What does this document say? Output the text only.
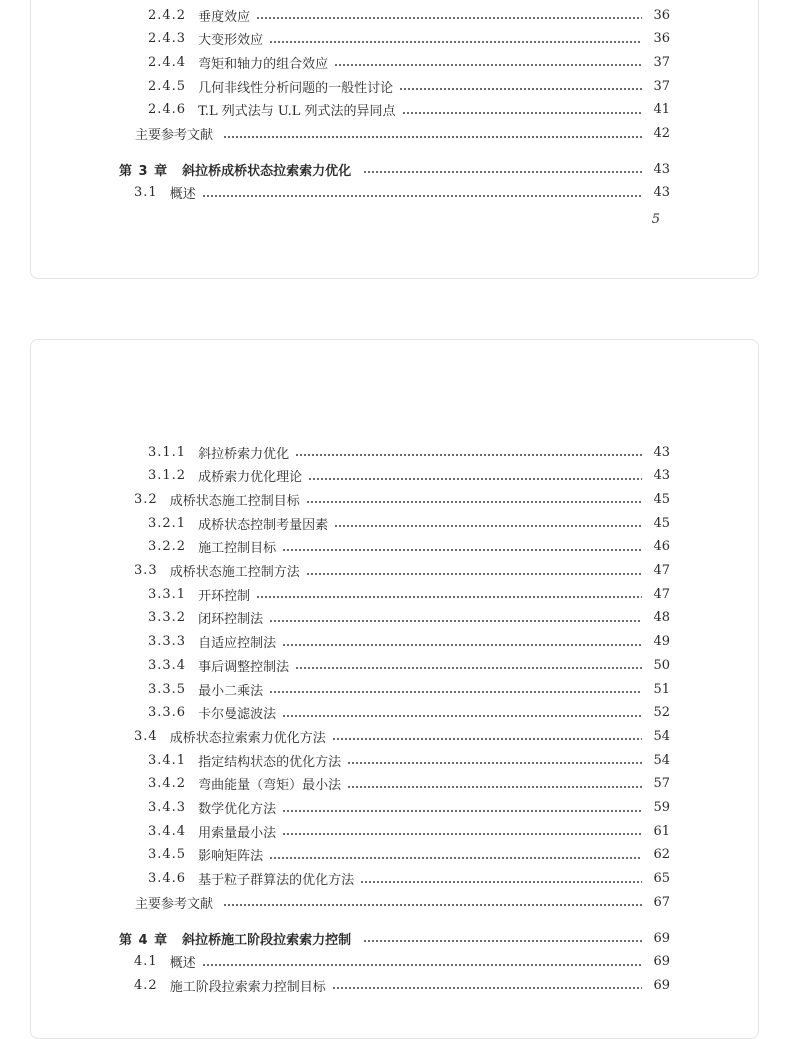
2.4.2 垂度效应	36
2.4.3 大变形效应	36
2.4.4 弯矩和轴力的组合效应	37
2.4.5 几何非线性分析问题的一般性讨论	37
2.4.6 T.L 列式法与 U.L 列式法的异同点	41
主要参考文献	42
第 3 章 斜拉桥成桥状态拉索索力优化	43
3.1 概述	43
5
3.1.1 斜拉桥索力优化	43
3.1.2 成桥索力优化理论	43
3.2 成桥状态施工控制目标	45
3.2.1 成桥状态控制考量因素	45
3.2.2 施工控制目标	46
3.3 成桥状态施工控制方法	47
3.3.1 开环控制	47
3.3.2 闭环控制法	48
3.3.3 自适应控制法	49
3.3.4 事后调整控制法	50
3.3.5 最小二乘法	51
3.3.6 卡尔曼滤波法	52
3.4 成桥状态拉索索力优化方法	54
3.4.1 指定结构状态的优化方法	54
3.4.2 弯曲能量（弯矩）最小法	57
3.4.3 数学优化方法	59
3.4.4 用索量最小法	61
3.4.5 影响矩阵法	62
3.4.6 基于粒子群算法的优化方法	65
主要参考文献	67
第 4 章 斜拉桥施工阶段拉索索力控制	69
4.1 概述	69
4.2 施工阶段拉索索力控制目标	69
